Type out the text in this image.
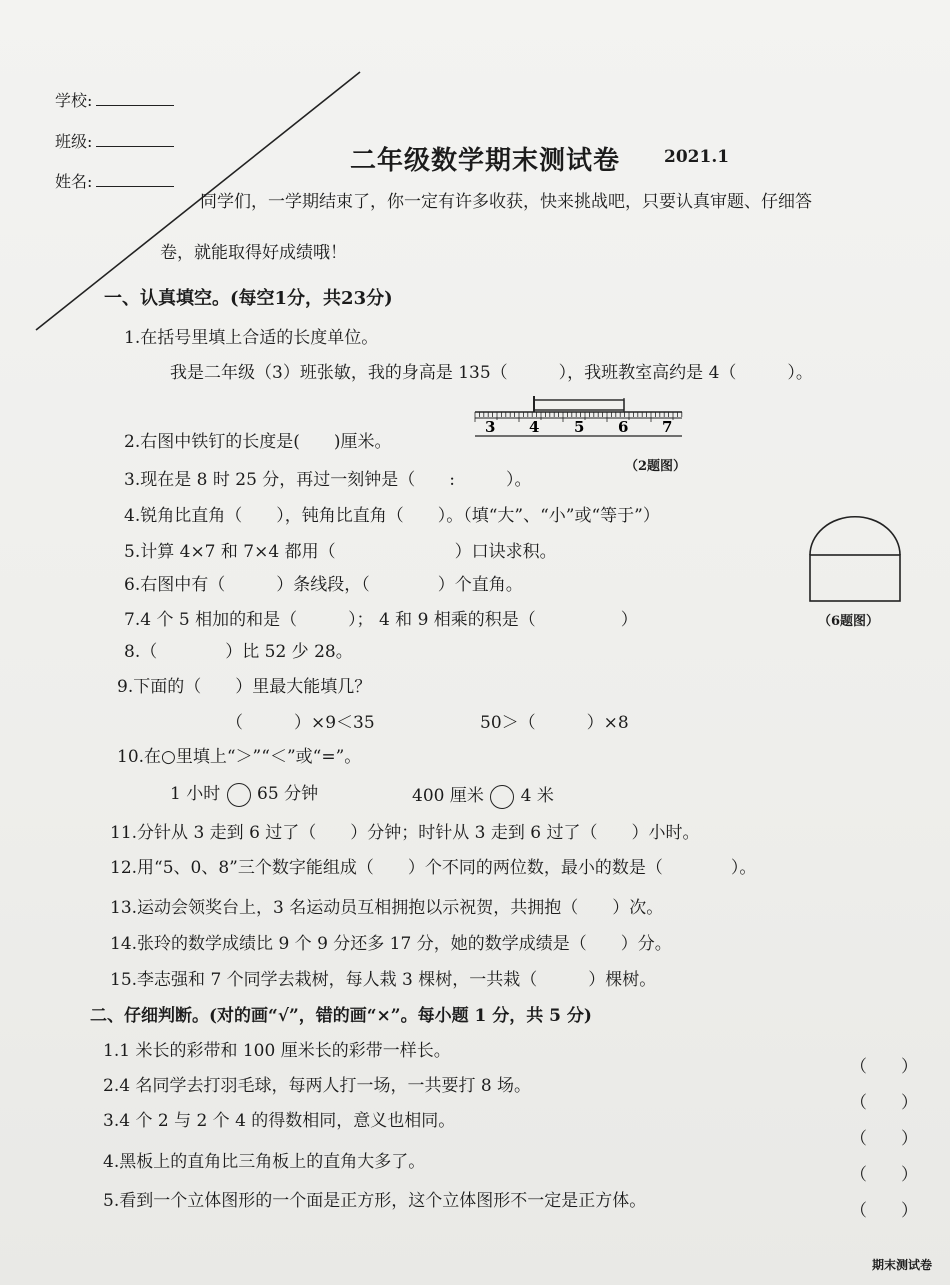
学校:
班级:
姓名:
二年级数学期末测试卷	2021.1
同学们，一学期结束了，你一定有许多收获，快来挑战吧，只要认真审题、仔细答
卷，就能取得好成绩哦！
一、认真填空。(每空1分，共23分)
1.在括号里填上合适的长度单位。
我是二年级（3）班张敏，我的身高是 135（　　　），我班教室高约是 4（　　　）。
2.右图中铁钉的长度是(　　)厘米。
3 4 5 6 7
（2题图）
3.现在是 8 时 25 分，再过一刻钟是（　　:　　　）。
4.锐角比直角（　　），钝角比直角（　　）。（填“大”、“小”或“等于”）
5.计算 4×7 和 7×4 都用（　　　　　　　）口诀求积。
6.右图中有（　　　）条线段，（　　　　）个直角。
（6题图）
7.4 个 5 相加的和是（　　　）； 4 和 9 相乘的积是（　　　　　）
8.（　　　　）比 52 少 28。
9.下面的（　　）里最大能填几？
（　　　）×9＜35	50＞（　　　）×8
10.在○里填上“＞”“＜”或“=”。
1 小时 65 分钟	400 厘米 4 米
11.分针从 3 走到 6 过了（　　）分钟；时针从 3 走到 6 过了（　　）小时。
12.用“5、0、8”三个数字能组成（　　）个不同的两位数，最小的数是（　　　　）。
13.运动会领奖台上，3 名运动员互相拥抱以示祝贺，共拥抱（　　）次。
14.张玲的数学成绩比 9 个 9 分还多 17 分，她的数学成绩是（　　）分。
15.李志强和 7 个同学去栽树，每人栽 3 棵树，一共栽（　　　）棵树。
二、仔细判断。(对的画“√”，错的画“×”。每小题 1 分，共 5 分)
1.1 米长的彩带和 100 厘米长的彩带一样长。
2.4 名同学去打羽毛球，每两人打一场，一共要打 8 场。
3.4 个 2 与 2 个 4 的得数相同，意义也相同。
4.黑板上的直角比三角板上的直角大多了。
5.看到一个立体图形的一个面是正方形，这个立体图形不一定是正方体。
（　　）
（　　）
（　　）
（　　）
（　　）
期末测试卷
